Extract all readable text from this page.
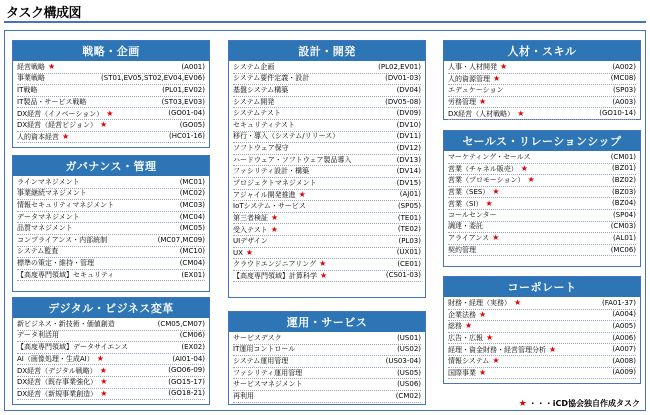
タスク構成図
戦略・企画
経営戦略 ★	(A001)
事業戦略	(ST01,EV05,ST02,EV04,EV06)
IT戦略	(PL01,EV02)
IT製品・サービス戦略	(ST03,EV03)
DX経営（イノベーション） ★	(GO01-04)
DX経営（経営ビジョン） ★	(GO05)
人的資本経営 ★	(HC01-16)
ガバナンス・管理
ラインマネジメント	(MC01)
事業継続マネジメント	(MC02)
情報セキュリティマネジメント	(MC03)
データマネジメント	(MC04)
品質マネジメント	(MC05)
コンプライアンス・内部統制	(MC07,MC09)
システム監査	(MC10)
標準の策定・維持・管理	(CM04)
【高度専門領域】セキュリティ	(EX01)
デジタル・ビジネス変革
新ビジネス・新技術・価値創造	(CM05,CM07)
データ利活用	(CM06)
【高度専門領域】データサイエンス	(EX02)
AI（画像処理・生成AI） ★	(AI01-04)
DX経営（デジタル戦略） ★	(GO06-09)
DX経営（既存事業強化） ★	(GO15-17)
DX経営（新規事業創造） ★	(GO18-21)
設計・開発
システム企画	(PL02,EV01)
システム要件定義・設計	(DV01-03)
基盤システム構築	(DV04)
システム開発	(DV05-08)
システムテスト	(DV09)
セキュリティテスト	(DV10)
移行・導入（システム/リリース）	(DV11)
ソフトウェア保守	(DV12)
ハードウェア・ソフトウェア製品導入	(DV13)
ファシリティ設計・構築	(DV14)
プロジェクトマネジメント	(DV15)
アジャイル開発推進 ★	(AJ01)
IoTシステム・サービス	(SP05)
第三者検証 ★	(TE01)
受入テスト ★	(TE02)
UIデザイン	(PL03)
UX ★	(UX01)
クラウドエンジニアリング ★	(CE01)
【高度専門領域】計算科学 ★	(CS01-03)
運用・サービス
サービスデスク	(US01)
IT運用コントロール	(US02)
システム運用管理	(US03-04)
ファシリティ運用管理	(US05)
サービスマネジメント	(US06)
再利用	(CM02)
人材・スキル
人事・人材開発 ★	(A002)
人的資源管理 ★	(MC08)
エデュケーション	(SP03)
労務管理 ★	(A003)
DX経営（人材戦略） ★	(GO10-14)
セールス・リレーションシップ
マーケティング・セールス	(CM01)
営業（チャネル販売） ★	(BZ01)
営業（プロモーション） ★	(BZ02)
営業（SES） ★	(BZ03)
営業（SI） ★	(BZ04)
コールセンター	(SP04)
調達・委託	(CM03)
アライアンス ★	(AL01)
契約管理	(MC06)
コーポレート
財務・経理（実務） ★	(FA01-37)
企業法務 ★	(A004)
総務 ★	(A005)
広告・広報 ★	(A006)
経理・資金財務・経営管理分析 ★	(A007)
情報システム ★	(A008)
国際事業 ★	(A009)
★ ・・・iCD協会独自作成タスク
